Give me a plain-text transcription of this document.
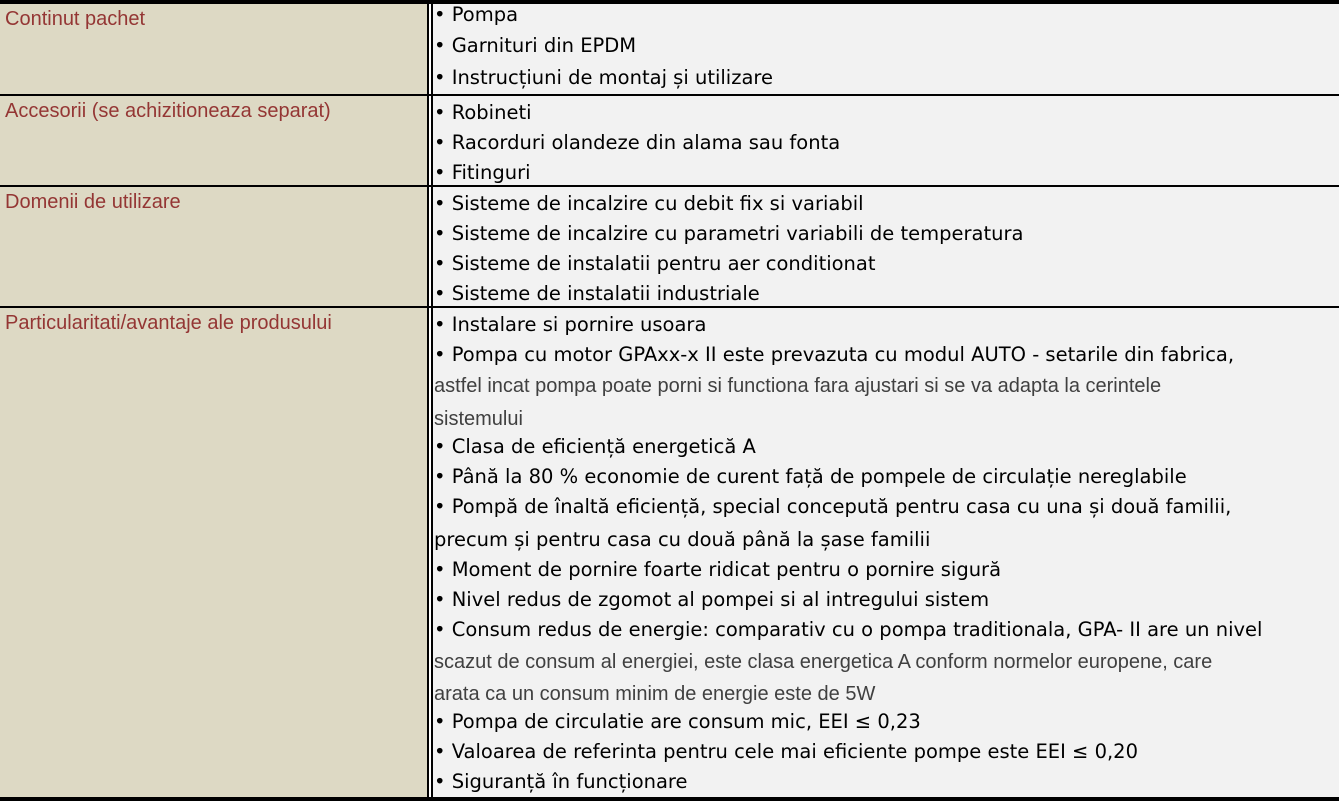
Continut pachet	• Pompa
• Garnituri din EPDM
• Instrucțiuni de montaj și utilizare
Accesorii (se achizitioneaza separat)	• Robineti
• Racorduri olandeze din alama sau fonta
• Fitinguri
Domenii de utilizare	• Sisteme de incalzire cu debit fix si variabil
• Sisteme de incalzire cu parametri variabili de temperatura
• Sisteme de instalatii pentru aer conditionat
• Sisteme de instalatii industriale
Particularitati/avantaje ale produsului	• Instalare si pornire usoara
• Pompa cu motor GPAxx-x II este prevazuta cu modul AUTO - setarile din fabrica,
astfel incat pompa poate porni si functiona fara ajustari si se va adapta la cerintele
sistemului
• Clasa de eficiență energetică A
• Până la 80 % economie de curent față de pompele de circulație nereglabile
• Pompă de înaltă eficiență, special concepută pentru casa cu una și două familii,
precum și pentru casa cu două până la șase familii
• Moment de pornire foarte ridicat pentru o pornire sigură
• Nivel redus de zgomot al pompei si al intregului sistem
• Consum redus de energie: comparativ cu o pompa traditionala, GPA- II are un nivel
scazut de consum al energiei, este clasa energetica A conform normelor europene, care
arata ca un consum minim de energie este de 5W
• Pompa de circulatie are consum mic, EEI ≤ 0,23
• Valoarea de referinta pentru cele mai eficiente pompe este EEI ≤ 0,20
• Siguranță în funcționare
